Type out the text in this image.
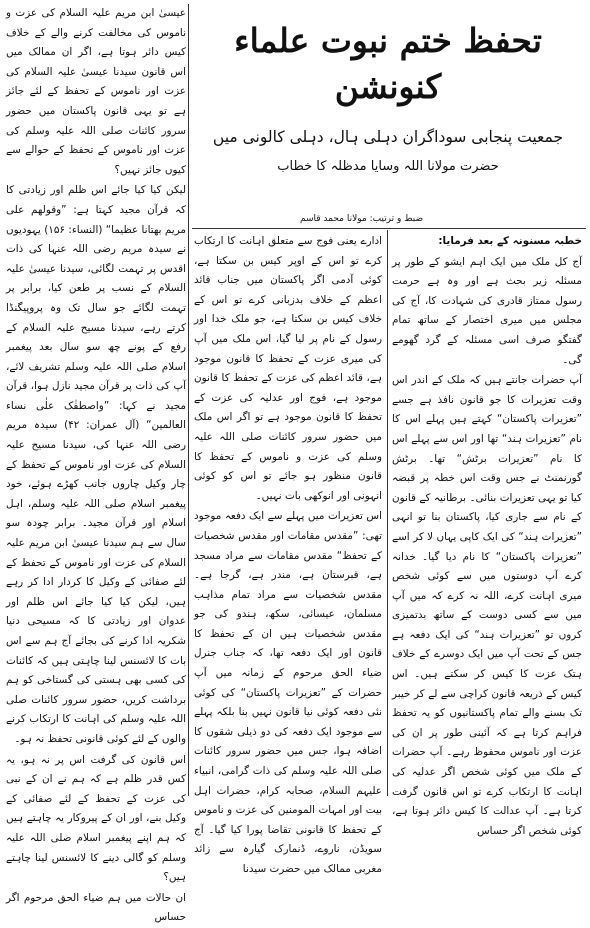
عیسیٰ ابن مریم علیہ السلام کی عزت و ناموس کی مخالفت کرنے والے کے خلاف کیس دائر ہوتا ہے، اگر ان ممالک میں اس قانون سیدنا عیسیٰ علیہ السلام کی عزت اور ناموس کے تحفظ کے لئے جائز ہے تو یہی قانون پاکستان میں حضور سرور کائنات صلی اللہ علیہ وسلم کی عزت اور ناموس کے تحفظ کے حوالے سے کیوں جائز نہیں؟

لیکن کیا کیا جائے اس ظلم اور زیادتی کا کہ قرآن مجید کہتا ہے: ”وقولھم علی مریم بھتانا عظیما“ (النساء: ۱۵۶) یہودیوں نے سیدہ مریم رضی اللہ عنہا کی ذات اقدس پر تہمت لگائی، سیدنا عیسیٰ علیہ السلام کے نسب پر طعن کیا، برابر پر تہمت لگائے جو سال تک وہ پروپیگنڈا کرتے رہے، سیدنا مسیح علیہ السلام کے رفع کے پونے چھ سو سال بعد پیغمبر اسلام صلی اللہ علیہ وسلم تشریف لائے، آپ کی ذات پر قرآن مجید نازل ہوا، قرآن مجید نے کہا: ”واصطفٰک علٰی نساء العالمین“ (آل عمران: ۴۲) سیدہ مریم رضی اللہ عنہا کی، سیدنا مسیح علیہ السلام کی عزت اور ناموس کے تحفظ کے چار وکیل چاروں جانب کھڑے ہوئے، خود پیغمبر اسلام صلی اللہ علیہ وسلم، اہل اسلام اور قرآن مجید۔ برابر چودہ سو سال سے ہم سیدنا عیسیٰ ابن مریم علیہ السلام کی عزت اور ناموس کے تحفظ کے لئے صفائی کے وکیل کا کردار ادا کر رہے ہیں، لیکن کیا کیا جائے اس ظلم اور عدوان اور زیادتی کا کہ مسیحی دنیا شکریہ ادا کرنے کی بجائے آج ہم سے اس بات کا لائسنس لینا چاہتی ہیں کہ کائنات کی کسی بھی ہستی کی گستاخی کو ہم برداشت کریں، حضور سرور کائنات صلی اللہ علیہ وسلم کی اہانت کا ارتکاب کرنے والوں کے لئے کوئی قانونی تحفظ نہ ہو۔

اس قانون کی گرفت اس پر نہ ہو، یہ کس قدر ظلم ہے کہ ہم نے ان کے نبی کی عزت کے تحفظ کے لئے صفائی کے وکیل بنے، اور ان کے پیروکار یہ چاہتے ہیں کہ ہم اپنے پیغمبر اسلام صلی اللہ علیہ وسلم کو گالی دینے کا لائسنس لینا چاہتے ہیں؟

ان حالات میں ہم ضیاء الحق مرحوم اگر حساس

تحفظ ختم نبوت علماء کنونشن
جمعیت پنجابی سوداگران دہلی ہال، دہلی کالونی میں
حضرت مولانا اللہ وسایا مدظلہ کا خطاب
ضبط و ترتیب: مولانا محمد قاسم

خطبہ مسنونہ کے بعد فرمایا:

آج کل ملک میں ایک اہم ایشو کے طور پر مسئلہ زیر بحث ہے اور وہ ہے حرمت رسول ممتاز قادری کی شہادت کا، آج کی مجلس میں میری اختصار کے ساتھ تمام گفتگو صرف اسی مسئلہ کے گرد گھومے گی۔

آپ حضرات جانتے ہیں کہ ملک کے اندر اس وقت تعزیرات کا جو قانون نافذ ہے جسے ”تعزیرات پاکستان“ کہتے ہیں پہلے اس کا نام ”تعزیرات ہند“ تھا اور اس سے پہلے اس کا نام ”تعزیرات برٹش“ تھا۔ برٹش گورنمنٹ نے جس وقت اس خطہ پر قبضہ کیا تو یہی تعزیرات بنائی۔ برطانیہ کے قانون کے نام سے جاری کیا، پاکستان بنا تو انہی ”تعزیرات ہند“ کی ایک کاپی یہاں لا کر اسے ”تعزیرات پاکستان“ کا نام دیا گیا۔ خدانہ کرے آپ دوستوں میں سے کوئی شخص میری اہانت کرے، اللہ نہ کرے کہ میں آپ میں سے کسی دوست کے ساتھ بدتمیزی کروں تو ”تعزیرات ہند“ کی ایک دفعہ ہے جس کے تحت آپ میں ایک دوسرے کے خلاف ہتک عزت کا کیس کر سکتے ہیں۔ اس کیس کے ذریعہ قانون کراچی سے لے کر خیبر تک بسنے والے تمام پاکستانیوں کو یہ تحفظ فراہم کرتا ہے کہ آئینی طور پر ان کی عزت اور ناموس محفوظ رہے۔ آپ حضرات کے ملک میں کوئی شخص اگر عدلیہ کی اہانت کا ارتکاب کرے تو اس قانون گرفت کرتا ہے۔ آپ عدالت کا کیس دائر ہوتا ہے، کوئی شخص اگر حساس

ادارے یعنی فوج سے متعلق اہانت کا ارتکاب کرے تو اس کے اوپر کیس بن سکتا ہے، کوئی آدمی اگر پاکستان میں جناب قائد اعظم کے خلاف بدزبانی کرے تو اس کے خلاف کیس بن سکتا ہے، جو ملک خدا اور رسول کے نام پر لیا گیا، اس ملک میں آپ کی میری عزت کے تحفظ کا قانون موجود ہے، قائد اعظم کی عزت کے تحفظ کا قانون موجود ہے، فوج اور عدلیہ کی عزت کے تحفظ کا قانون موجود ہے تو اگر اس ملک میں حضور سرور کائنات صلی اللہ علیہ وسلم کی عزت و ناموس کے تحفظ کا قانون منظور ہو جائے تو اس کو کوئی انہونی اور انوکھی بات نہیں۔

اس تعزیرات میں پہلے سے ایک دفعہ موجود تھی: ”مقدس مقامات اور مقدس شخصیات کے تحفظ“ مقدس مقامات سے مراد مسجد ہے، قبرستان ہے، مندر ہے، گرجا ہے۔ مقدس شخصیات سے مراد تمام مذاہب مسلمان، عیسائی، سکھ، ہندو کی جو مقدس شخصیات ہیں ان کے تحفظ کا قانون اور ایک دفعہ تھا، کہ جناب جنرل ضیاء الحق مرحوم کے زمانہ میں آپ حضرات کے ”تعزیرات پاکستان“ کی کوئی نئی دفعہ کوئی نیا قانون نہیں بنا بلکہ پہلے سے موجود ایک دفعہ کی دو ذیلی شقوں کا اضافہ ہوا، جس میں حضور سرور کائنات صلی اللہ علیہ وسلم کی ذات گرامی، انبیاء علیہم السلام، صحابہ کرام، حضرات اہل بیت اور امہات المومنین کی عزت و ناموس کے تحفظ کا قانونی تقاضا پورا کیا گیا۔ آج سویڈن، ناروے، ڈنمارک گیارہ سے زائد مغربی ممالک میں حضرت سیدنا
